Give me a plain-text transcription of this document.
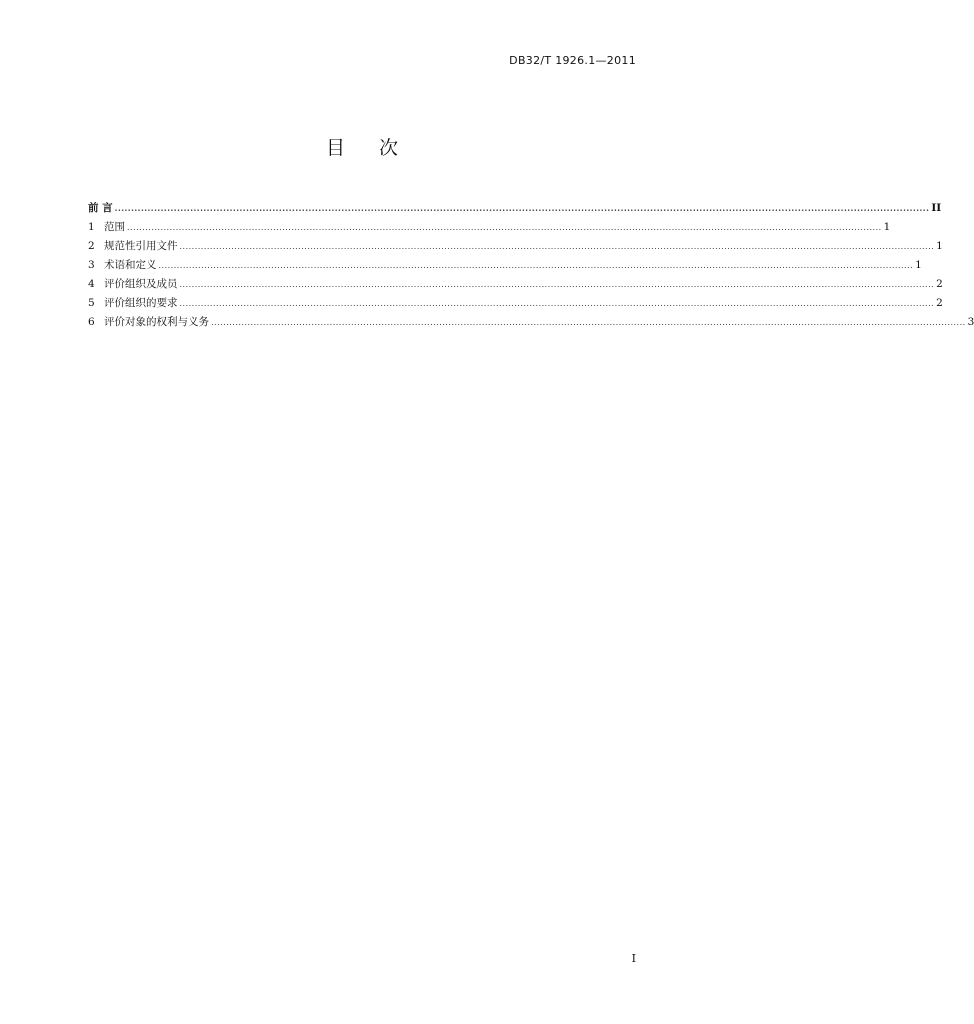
DB32/T 1926.1—2011
目次
前 言 ........................................................................................................................................................................................................................................................ II
1 范围 ........................................................................................................................................................................................................................................................ 1
2 规范性引用文件 ........................................................................................................................................................................................................................................................ 1
3 术语和定义 ........................................................................................................................................................................................................................................................ 1
4 评价组织及成员 ........................................................................................................................................................................................................................................................ 2
5 评价组织的要求 ........................................................................................................................................................................................................................................................ 2
6 评价对象的权利与义务 ........................................................................................................................................................................................................................................................ 3
I
